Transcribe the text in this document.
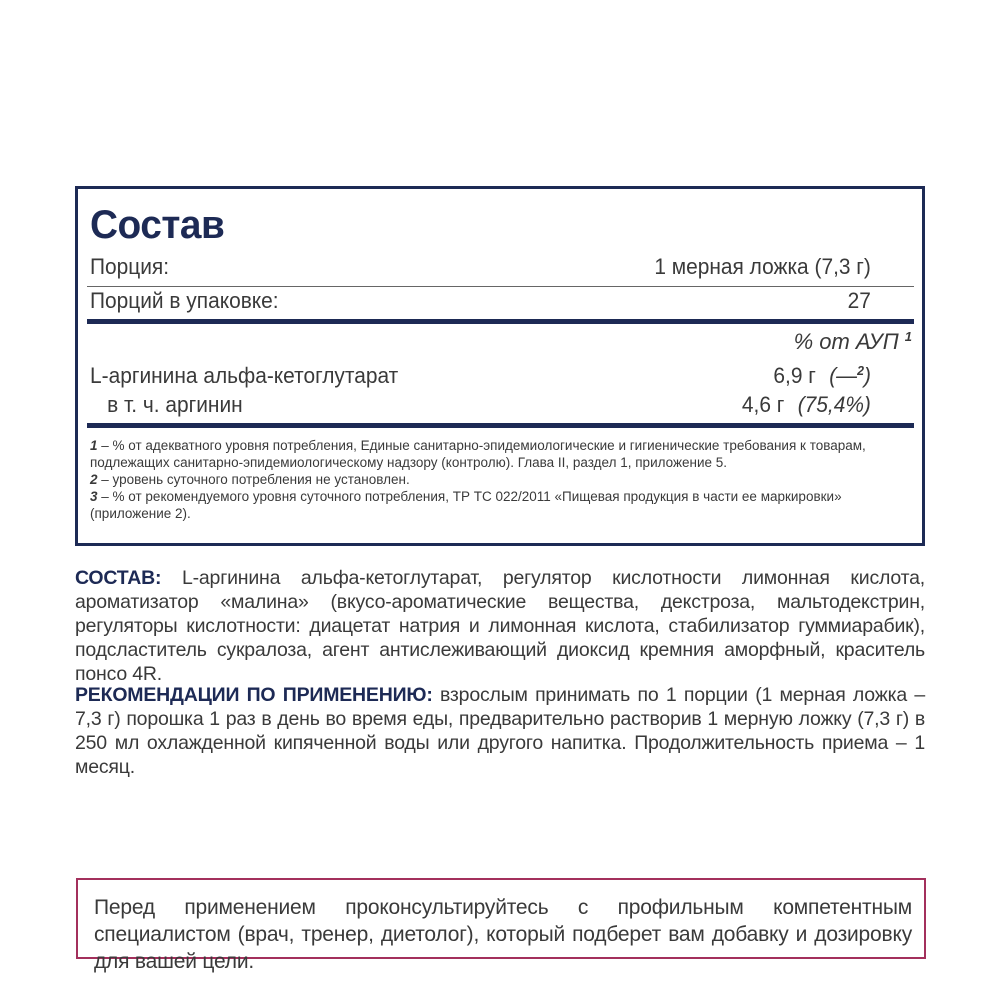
Состав
Порция:	1 мерная ложка (7,3 г)
Порций в упаковке:	27
% от АУП $^1$
L-аргинина альфа-кетоглутарат	6,9 г (—$^2$)
в т. ч. аргинин	4,6 г (75,4%)
1 – % от адекватного уровня потребления, Единые санитарно-эпидемиологические и гигиенические требования к товарам, подлежащих санитарно-эпидемиологическому надзору (контролю). Глава II, раздел 1, приложение 5.
2 – уровень суточного потребления не установлен.
3 – % от рекомендуемого уровня суточного потребления, ТР ТС 022/2011 «Пищевая продукция в части ее маркировки» (приложение 2).
СОСТАВ: L-аргинина альфа-кетоглутарат, регулятор кислотности лимонная кислота, ароматизатор «малина» (вкусо-ароматические вещества, декстроза, мальтодекстрин, регуляторы кислотности: диацетат натрия и лимонная кислота, стабилизатор гуммиарабик), подсластитель сукралоза, агент антислеживающий диоксид кремния аморфный, краситель понсо 4R.
РЕКОМЕНДАЦИИ ПО ПРИМЕНЕНИЮ: взрослым принимать по 1 порции (1 мерная ложка – 7,3 г) порошка 1 раз в день во время еды, предварительно растворив 1 мерную ложку (7,3 г) в 250 мл охлажденной кипяченной воды или другого напитка. Продолжительность приема – 1 месяц.
Перед применением проконсультируйтесь с профильным компетентным специалистом (врач, тренер, диетолог), который подберет вам добавку и дозировку для вашей цели.
